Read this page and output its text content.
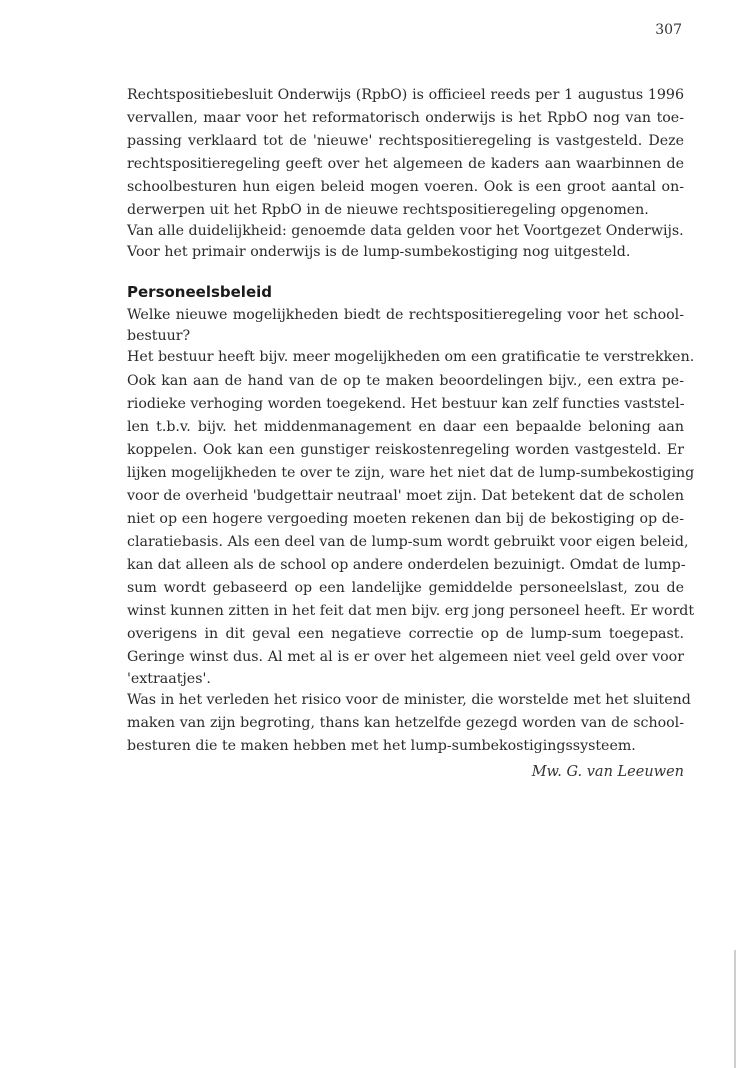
307
Rechtspositiebesluit Onderwijs (RpbO) is officieel reeds per 1 augustus 1996
vervallen, maar voor het reformatorisch onderwijs is het RpbO nog van toe-
passing verklaard tot de 'nieuwe' rechtspositieregeling is vastgesteld. Deze
rechtspositieregeling geeft over het algemeen de kaders aan waarbinnen de
schoolbesturen hun eigen beleid mogen voeren. Ook is een groot aantal on-
derwerpen uit het RpbO in de nieuwe rechtspositieregeling opgenomen.
Van alle duidelijkheid: genoemde data gelden voor het Voortgezet Onderwijs.
Voor het primair onderwijs is de lump-sumbekostiging nog uitgesteld.
Personeelsbeleid
Welke nieuwe mogelijkheden biedt de rechtspositieregeling voor het school-
bestuur?
Het bestuur heeft bijv. meer mogelijkheden om een gratificatie te verstrekken.
Ook kan aan de hand van de op te maken beoordelingen bijv., een extra pe-
riodieke verhoging worden toegekend. Het bestuur kan zelf functies vaststel-
len t.b.v. bijv. het middenmanagement en daar een bepaalde beloning aan
koppelen. Ook kan een gunstiger reiskostenregeling worden vastgesteld. Er
lijken mogelijkheden te over te zijn, ware het niet dat de lump-sumbekostiging
voor de overheid 'budgettair neutraal' moet zijn. Dat betekent dat de scholen
niet op een hogere vergoeding moeten rekenen dan bij de bekostiging op de-
claratiebasis. Als een deel van de lump-sum wordt gebruikt voor eigen beleid,
kan dat alleen als de school op andere onderdelen bezuinigt. Omdat de lump-
sum wordt gebaseerd op een landelijke gemiddelde personeelslast, zou de
winst kunnen zitten in het feit dat men bijv. erg jong personeel heeft. Er wordt
overigens in dit geval een negatieve correctie op de lump-sum toegepast.
Geringe winst dus. Al met al is er over het algemeen niet veel geld over voor
'extraatjes'.
Was in het verleden het risico voor de minister, die worstelde met het sluitend
maken van zijn begroting, thans kan hetzelfde gezegd worden van de school-
besturen die te maken hebben met het lump-sumbekostigingssysteem.
Mw. G. van Leeuwen
